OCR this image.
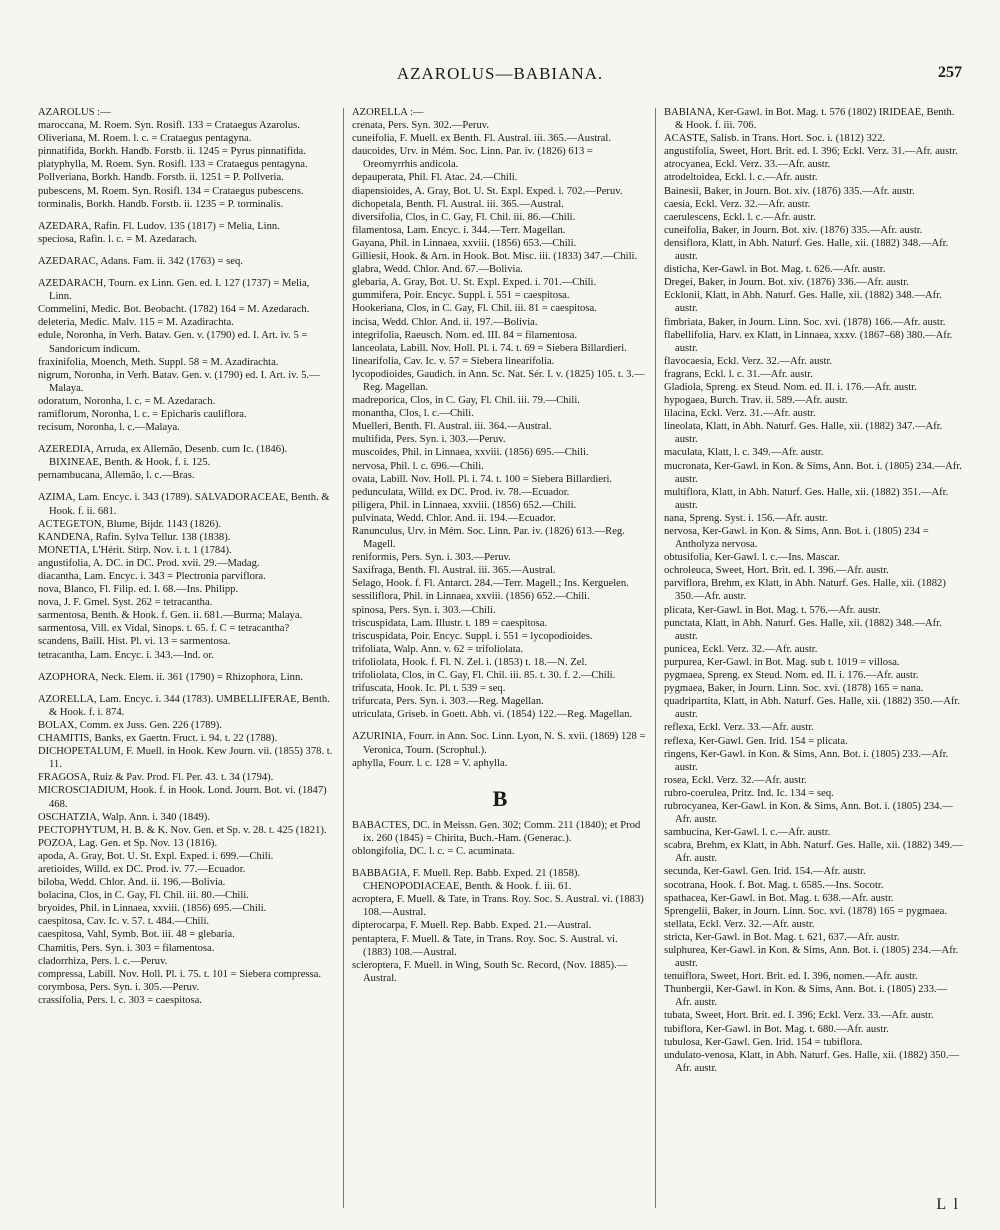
AZAROLUS—BABIANA.	257

AZAROLUS :—

maroccana, M. Roem. Syn. Rosifl. 133 = Crataegus Azarolus.

Oliveriana, M. Roem. l. c. = Crataegus pentagyna.

pinnatifida, Borkh. Handb. Forstb. ii. 1245 = Pyrus pinnatifida.

platyphylla, M. Roem. Syn. Rosifl. 133 = Crataegus pentagyna.

Pollveriana, Borkh. Handb. Forstb. ii. 1251 = P. Pollveria.

pubescens, M. Roem. Syn. Rosifl. 134 = Crataegus pubescens.

torminalis, Borkh. Handb. Forstb. ii. 1235 = P. torminalis.

AZEDARA, Rafin. Fl. Ludov. 135 (1817) = Melia, Linn.

speciosa, Rafin. l. c. = M. Azedarach.

AZEDARAC, Adans. Fam. ii. 342 (1763) = seq.

AZEDARACH, Tourn. ex Linn. Gen. ed. I. 127 (1737) = Melia, Linn.

Commelini, Medic. Bot. Beobacht. (1782) 164 = M. Azedarach.

deleteria, Medic. Malv. 115 = M. Azadirachta.

edule, Noronha, in Verh. Batav. Gen. v. (1790) ed. I. Art. iv. 5 = Sandoricum indicum.

fraxinifolia, Moench, Meth. Suppl. 58 = M. Azadirachta.

nigrum, Noronha, in Verh. Batav. Gen. v. (1790) ed. I. Art. iv. 5.—Malaya.

odoratum, Noronha, l. c. = M. Azedarach.

ramiflorum, Noronha, l. c. = Epicharis cauliflora.

recisum, Noronha, l. c.—Malaya.

AZEREDIA, Arruda, ex Allemão, Desenb. cum Ic. (1846). BIXINEAE, Benth. & Hook. f. i. 125.

pernambucana, Allemão, l. c.—Bras.

AZIMA, Lam. Encyc. i. 343 (1789). SALVADORACEAE, Benth. & Hook. f. ii. 681.

ACTEGETON, Blume, Bijdr. 1143 (1826).

KANDENA, Rafin. Sylva Tellur. 138 (1838).

MONETIA, L'Hérit. Stirp. Nov. i. t. 1 (1784).

angustifolia, A. DC. in DC. Prod. xvii. 29.—Madag.

diacantha, Lam. Encyc. i. 343 = Plectronia parviflora.

nova, Blanco, Fl. Filip. ed. I. 68.—Ins. Philipp.

nova, J. F. Gmel. Syst. 262 = tetracantha.

sarmentosa, Benth. & Hook. f. Gen. ii. 681.—Burma; Malaya.

sarmentosa, Vill. ex Vidal, Sinops. t. 65. f. C = tetracantha?

scandens, Baill. Hist. Pl. vi. 13 = sarmentosa.

tetracantha, Lam. Encyc. i. 343.—Ind. or.

AZOPHORA, Neck. Elem. ii. 361 (1790) = Rhizophora, Linn.

AZORELLA, Lam. Encyc. i. 344 (1783). UMBELLIFERAE, Benth. & Hook. f. i. 874.

BOLAX, Comm. ex Juss. Gen. 226 (1789).

CHAMITIS, Banks, ex Gaertn. Fruct. i. 94. t. 22 (1788).

DICHOPETALUM, F. Muell. in Hook. Kew Journ. vii. (1855) 378. t. 11.

FRAGOSA, Ruiz & Pav. Prod. Fl. Per. 43. t. 34 (1794).

MICROSCIADIUM, Hook. f. in Hook. Lond. Journ. Bot. vi. (1847) 468.

OSCHATZIA, Walp. Ann. i. 340 (1849).

PECTOPHYTUM, H. B. & K. Nov. Gen. et Sp. v. 28. t. 425 (1821).

POZOA, Lag. Gen. et Sp. Nov. 13 (1816).

apoda, A. Gray, Bot. U. St. Expl. Exped. i. 699.—Chili.

aretioides, Willd. ex DC. Prod. iv. 77.—Ecuador.

biloba, Wedd. Chlor. And. ii. 196.—Bolivia.

bolacina, Clos, in C. Gay, Fl. Chil. iii. 80.—Chili.

bryoides, Phil. in Linnaea, xxviii. (1856) 695.—Chili.

caespitosa, Cav. Ic. v. 57. t. 484.—Chili.

caespitosa, Vahl, Symb. Bot. iii. 48 = glebaria.

Chamitis, Pers. Syn. i. 303 = filamentosa.

cladorrhiza, Pers. l. c.—Peruv.

compressa, Labill. Nov. Holl. Pl. i. 75. t. 101 = Siebera compressa.

corymbosa, Pers. Syn. i. 305.—Peruv.

crassifolia, Pers. l. c. 303 = caespitosa.

AZORELLA :—

crenata, Pers. Syn. 302.—Peruv.

cuneifolia, F. Muell. ex Benth. Fl. Austral. iii. 365.—Austral.

daucoides, Urv. in Mém. Soc. Linn. Par. iv. (1826) 613 = Oreomyrrhis andicola.

depauperata, Phil. Fl. Atac. 24.—Chili.

diapensioides, A. Gray, Bot. U. St. Expl. Exped. i. 702.—Peruv.

dichopetala, Benth. Fl. Austral. iii. 365.—Austral.

diversifolia, Clos, in C. Gay, Fl. Chil. iii. 86.—Chili.

filamentosa, Lam. Encyc. i. 344.—Terr. Magellan.

Gayana, Phil. in Linnaea, xxviii. (1856) 653.—Chili.

Gilliesii, Hook. & Arn. in Hook. Bot. Misc. iii. (1833) 347.—Chili.

glabra, Wedd. Chlor. And. 67.—Bolivia.

glebaria, A. Gray, Bot. U. St. Expl. Exped. i. 701.—Chili.

gummifera, Poir. Encyc. Suppl. i. 551 = caespitosa.

Hookeriana, Clos, in C. Gay, Fl. Chil. iii. 81 = caespitosa.

incisa, Wedd. Chlor. And. ii. 197.—Bolivia.

integrifolia, Raeusch. Nom. ed. III. 84 = filamentosa.

lanceolata, Labill. Nov. Holl. Pl. i. 74. t. 69 = Siebera Billardieri.

linearifolia, Cav. Ic. v. 57 = Siebera linearifolia.

lycopodioides, Gaudich. in Ann. Sc. Nat. Sér. I. v. (1825) 105. t. 3.—Reg. Magellan.

madreporica, Clos, in C. Gay, Fl. Chil. iii. 79.—Chili.

monantha, Clos, l. c.—Chili.

Muelleri, Benth. Fl. Austral. iii. 364.—Austral.

multifida, Pers. Syn. i. 303.—Peruv.

muscoides, Phil. in Linnaea, xxviii. (1856) 695.—Chili.

nervosa, Phil. l. c. 696.—Chili.

ovata, Labill. Nov. Holl. Pl. i. 74. t. 100 = Siebera Billardieri.

pedunculata, Willd. ex DC. Prod. iv. 78.—Ecuador.

piligera, Phil. in Linnaea, xxviii. (1856) 652.—Chili.

pulvinata, Wedd. Chlor. And. ii. 194.—Ecuador.

Ranunculus, Urv. in Mém. Soc. Linn. Par. iv. (1826) 613.—Reg. Magell.

reniformis, Pers. Syn. i. 303.—Peruv.

Saxifraga, Benth. Fl. Austral. iii. 365.—Austral.

Selago, Hook. f. Fl. Antarct. 284.—Terr. Magell.; Ins. Kerguelen.

sessiliflora, Phil. in Linnaea, xxviii. (1856) 652.—Chili.

spinosa, Pers. Syn. i. 303.—Chili.

triscuspidata, Lam. Illustr. t. 189 = caespitosa.

triscuspidata, Poir. Encyc. Suppl. i. 551 = lycopodioides.

trifoliata, Walp. Ann. v. 62 = trifoliolata.

trifoliolata, Hook. f. Fl. N. Zel. i. (1853) t. 18.—N. Zel.

trifoliolata, Clos, in C. Gay, Fl. Chil. iii. 85. t. 30. f. 2.—Chili.

trifuscata, Hook. Ic. Pl. t. 539 = seq.

trifurcata, Pers. Syn. i. 303.—Reg. Magellan.

utriculata, Griseb. in Goett. Abh. vi. (1854) 122.—Reg. Magellan.

AZURINIA, Fourr. in Ann. Soc. Linn. Lyon, N. S. xvii. (1869) 128 = Veronica, Tourn. (Scrophul.).

aphylla, Fourr. l. c. 128 = V. aphylla.

B

BABACTES, DC. in Meissn. Gen. 302; Comm. 211 (1840); et Prod ix. 260 (1845) = Chirita, Buch.-Ham. (Generac.).

oblongifolia, DC. l. c. = C. acuminata.

BABBAGIA, F. Muell. Rep. Babb. Exped. 21 (1858). CHENOPODIACEAE, Benth. & Hook. f. iii. 61.

acroptera, F. Muell. & Tate, in Trans. Roy. Soc. S. Austral. vi. (1883) 108.—Austral.

dipterocarpa, F. Muell. Rep. Babb. Exped. 21.—Austral.

pentaptera, F. Muell. & Tate, in Trans. Roy. Soc. S. Austral. vi. (1883) 108.—Austral.

scleroptera, F. Muell. in Wing, South Sc. Record, (Nov. 1885).—Austral.

BABIANA, Ker-Gawl. in Bot. Mag. t. 576 (1802) IRIDEAE, Benth. & Hook. f. iii. 706.

ACASTE, Salisb. in Trans. Hort. Soc. i. (1812) 322.

angustifolia, Sweet, Hort. Brit. ed. I. 396; Eckl. Verz. 31.—Afr. austr.

atrocyanea, Eckl. Verz. 33.—Afr. austr.

atrodeltoidea, Eckl. l. c.—Afr. austr.

Bainesii, Baker, in Journ. Bot. xiv. (1876) 335.—Afr. austr.

caesia, Eckl. Verz. 32.—Afr. austr.

caerulescens, Eckl. l. c.—Afr. austr.

cuneifolia, Baker, in Journ. Bot. xiv. (1876) 335.—Afr. austr.

densiflora, Klatt, in Abh. Naturf. Ges. Halle, xii. (1882) 348.—Afr. austr.

disticha, Ker-Gawl. in Bot. Mag. t. 626.—Afr. austr.

Dregei, Baker, in Journ. Bot. xiv. (1876) 336.—Afr. austr.

Ecklonii, Klatt, in Abh. Naturf. Ges. Halle, xii. (1882) 348.—Afr. austr.

fimbriata, Baker, in Journ. Linn. Soc. xvi. (1878) 166.—Afr. austr.

flabellifolia, Harv. ex Klatt, in Linnaea, xxxv. (1867–68) 380.—Afr. austr.

flavocaesia, Eckl. Verz. 32.—Afr. austr.

fragrans, Eckl. l. c. 31.—Afr. austr.

Gladiola, Spreng. ex Steud. Nom. ed. II. i. 176.—Afr. austr.

hypogaea, Burch. Trav. ii. 589.—Afr. austr.

lilacina, Eckl. Verz. 31.—Afr. austr.

lineolata, Klatt, in Abh. Naturf. Ges. Halle, xii. (1882) 347.—Afr. austr.

maculata, Klatt, l. c. 349.—Afr. austr.

mucronata, Ker-Gawl. in Kon. & Sims, Ann. Bot. i. (1805) 234.—Afr. austr.

multiflora, Klatt, in Abh. Naturf. Ges. Halle, xii. (1882) 351.—Afr. austr.

nana, Spreng. Syst. i. 156.—Afr. austr.

nervosa, Ker-Gawl. in Kon. & Sims, Ann. Bot. i. (1805) 234 = Antholyza nervosa.

obtusifolia, Ker-Gawl. l. c.—Ins. Mascar.

ochroleuca, Sweet, Hort. Brit. ed. I. 396.—Afr. austr.

parviflora, Brehm, ex Klatt, in Abh. Naturf. Ges. Halle, xii. (1882) 350.—Afr. austr.

plicata, Ker-Gawl. in Bot. Mag. t. 576.—Afr. austr.

punctata, Klatt, in Abh. Naturf. Ges. Halle, xii. (1882) 348.—Afr. austr.

punicea, Eckl. Verz. 32.—Afr. austr.

purpurea, Ker-Gawl. in Bot. Mag. sub t. 1019 = villosa.

pygmaea, Spreng. ex Steud. Nom. ed. II. i. 176.—Afr. austr.

pygmaea, Baker, in Journ. Linn. Soc. xvi. (1878) 165 = nana.

quadripartita, Klatt, in Abh. Naturf. Ges. Halle, xii. (1882) 350.—Afr. austr.

reflexa, Eckl. Verz. 33.—Afr. austr.

reflexa, Ker-Gawl. Gen. Irid. 154 = plicata.

ringens, Ker-Gawl. in Kon. & Sims, Ann. Bot. i. (1805) 233.—Afr. austr.

rosea, Eckl. Verz. 32.—Afr. austr.

rubro-coerulea, Pritz. Ind. Ic. 134 = seq.

rubrocyanea, Ker-Gawl. in Kon. & Sims, Ann. Bot. i. (1805) 234.—Afr. austr.

sambucina, Ker-Gawl. l. c.—Afr. austr.

scabra, Brehm, ex Klatt, in Abh. Naturf. Ges. Halle, xii. (1882) 349.—Afr. austr.

secunda, Ker-Gawl. Gen. Irid. 154.—Afr. austr.

socotrana, Hook. f. Bot. Mag. t. 6585.—Ins. Socotr.

spathacea, Ker-Gawl. in Bot. Mag. t. 638.—Afr. austr.

Sprengelii, Baker, in Journ. Linn. Soc. xvi. (1878) 165 = pygmaea.

stellata, Eckl. Verz. 32.—Afr. austr.

stricta, Ker-Gawl. in Bot. Mag. t. 621, 637.—Afr. austr.

sulphurea, Ker-Gawl. in Kon. & Sims, Ann. Bot. i. (1805) 234.—Afr. austr.

tenuiflora, Sweet, Hort. Brit. ed. I. 396, nomen.—Afr. austr.

Thunbergii, Ker-Gawl. in Kon. & Sims, Ann. Bot. i. (1805) 233.—Afr. austr.

tubata, Sweet, Hort. Brit. ed. I. 396; Eckl. Verz. 33.—Afr. austr.

tubiflora, Ker-Gawl. in Bot. Mag. t. 680.—Afr. austr.

tubulosa, Ker-Gawl. Gen. Irid. 154 = tubiflora.

undulato-venosa, Klatt, in Abh. Naturf. Ges. Halle, xii. (1882) 350.—Afr. austr.

L l
